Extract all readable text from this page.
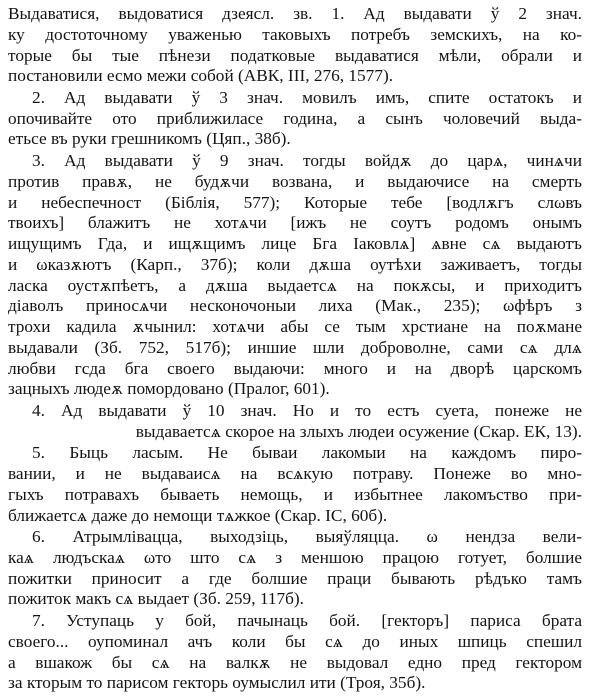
Выдаватися, выдоватися дзеясл. зв. 1. Ад выдавати ў 2 знач.
ку достоточному уваженью таковыхъ потребъ земскихъ, на ко-
торые бы тые пѣнези податковые выдаватися мѣли, обрали и
постановили есмо межи собой (АВК, III, 276, 1577).
2. Ад выдавати ў 3 знач. мовилъ имъ, спите остатокъ и
опочивайте ото приближиласе година, а сынъ чоловечий выда-
етьсе въ руки грешникомъ (Цяп., 38б).
3. Ад выдавати ў 9 знач. тогды войдѫ до царѧ, чинѧчи
против правѫ, не будѫчи возвана, и выдаючисе на смерть
и небеспечност (Біблія, 577); Которые тебе [водлѫгъ слωвъ
твоихъ] блажитъ не хотѧчи [ижъ не соутъ родомъ онымъ
ищущимъ Гда, и ищѫщимъ лице Бга Іаковлѧ] ѧвне сѧ выдаютъ
и ωказѫютъ (Карп., 37б); коли дѫша оутѣхи заживаетъ, тогды
ласка оустѫпѣетъ, а дѫша выдаетсѧ на покѫсы, и приходитъ
діаволъ приносѧчи несконочоныи лиха (Мак., 235); ωфѣръ з
трохи кадила ѫчынил: хотѧчи абы се тым хрстиане на поѫмане
выдавали (Зб. 752, 517б); иншие шли доброволне, сами сѧ длѧ
любви гсда бга своего выдаючи: много и на дворѣ царскомъ
зацныхъ людеѫ помордовано (Пралог, 601).
4. Ад выдавати ў 10 знач. Но и то естъ суета, понеже не
выдаваетсѧ скорое на злыхъ людеи осужение (Скар. ЕК, 13).
5. Быць ласым. Не бываи лакомыи на каждомъ пиро-
вании, и не выдаваисѧ на всѧкую потраву. Понеже во мно-
гыхъ потравахъ бываеть немощь, и избытнее лакомъство при-
ближаетсѧ даже до немощи тѧжкое (Скар. IC, 60б).
6. Атрымлівацца, выходзіць, выяўляцца. ω нендза вели-
каѧ людъскаѧ ωто што сѧ з меншою працою готует, болшие
пожитки приносит а где болшие праци бывають рѣдъко тамъ
пожиток макъ сѧ выдает (Зб. 259, 117б).
7. Уступаць у бой, пачынаць бой. [гекторъ] париса брата
своего... оупоминал ачъ коли бы сѧ до иных шпиць спешил
а вшакож бы сѧ на валкѫ не выдовал едно пред гектором
за кторым то парисом гекторь оумыслил ити (Троя, 35б).
